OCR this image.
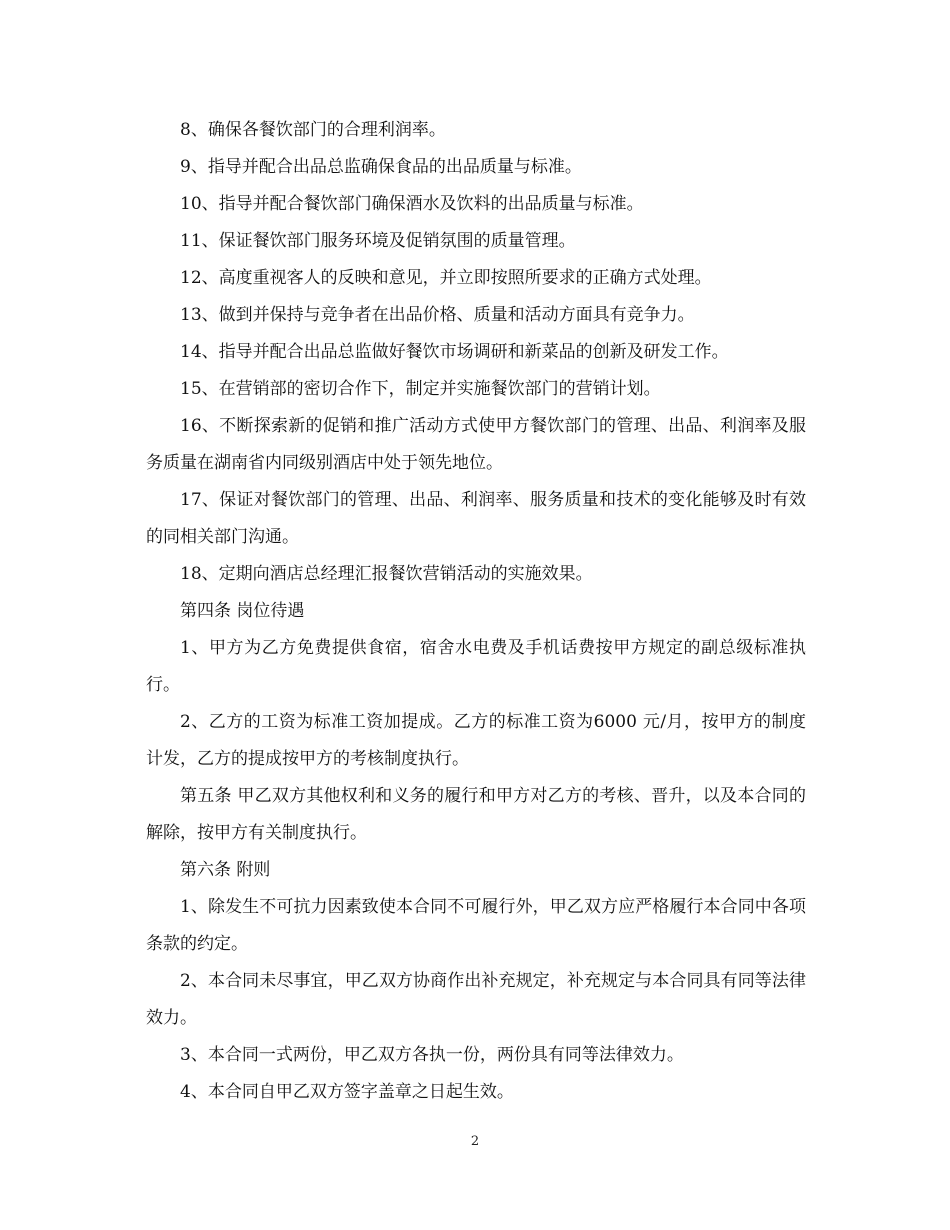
8、确保各餐饮部门的合理利润率。

9、指导并配合出品总监确保食品的出品质量与标准。

10、指导并配合餐饮部门确保酒水及饮料的出品质量与标准。

11、保证餐饮部门服务环境及促销氛围的质量管理。

12、高度重视客人的反映和意见，并立即按照所要求的正确方式处理。

13、做到并保持与竞争者在出品价格、质量和活动方面具有竞争力。

14、指导并配合出品总监做好餐饮市场调研和新菜品的创新及研发工作。

15、在营销部的密切合作下，制定并实施餐饮部门的营销计划。

16、不断探索新的促销和推广活动方式使甲方餐饮部门的管理、出品、利润率及服务质量在湖南省内同级别酒店中处于领先地位。

17、保证对餐饮部门的管理、出品、利润率、服务质量和技术的变化能够及时有效的同相关部门沟通。

18、定期向酒店总经理汇报餐饮营销活动的实施效果。

第四条 岗位待遇

1、甲方为乙方免费提供食宿，宿舍水电费及手机话费按甲方规定的副总级标准执行。

2、乙方的工资为标准工资加提成。乙方的标准工资为6000 元/月，按甲方的制度计发，乙方的提成按甲方的考核制度执行。

第五条 甲乙双方其他权利和义务的履行和甲方对乙方的考核、晋升，以及本合同的解除，按甲方有关制度执行。

第六条 附则

1、除发生不可抗力因素致使本合同不可履行外，甲乙双方应严格履行本合同中各项条款的约定。

2、本合同未尽事宜，甲乙双方协商作出补充规定，补充规定与本合同具有同等法律效力。

3、本合同一式两份，甲乙双方各执一份，两份具有同等法律效力。

4、本合同自甲乙双方签字盖章之日起生效。

2
